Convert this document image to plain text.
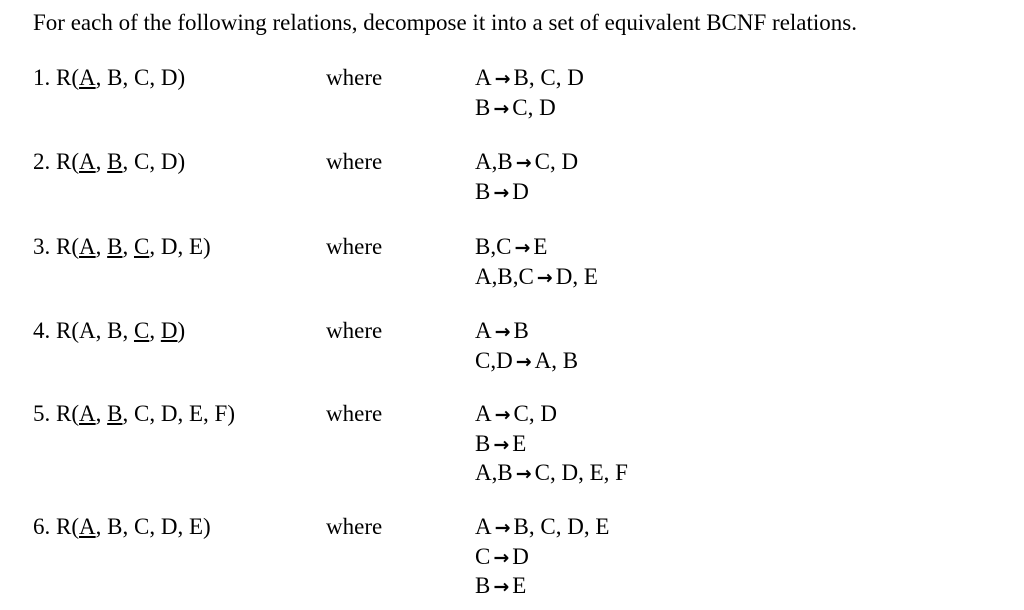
For each of the following relations, decompose it into a set of equivalent BCNF relations.
1. R(A, B, C, D)	where	A → B, C, D
B → C, D
2. R(A, B, C, D)	where	A,B → C, D
B → D
3. R(A, B, C, D, E)	where	B,C → E
A,B,C → D, E
4. R(A, B, C, D)	where	A → B
C,D → A, B
5. R(A, B, C, D, E, F)	where	A → C, D
B → E
A,B → C, D, E, F
6. R(A, B, C, D, E)	where	A → B, C, D, E
C → D
B → E
